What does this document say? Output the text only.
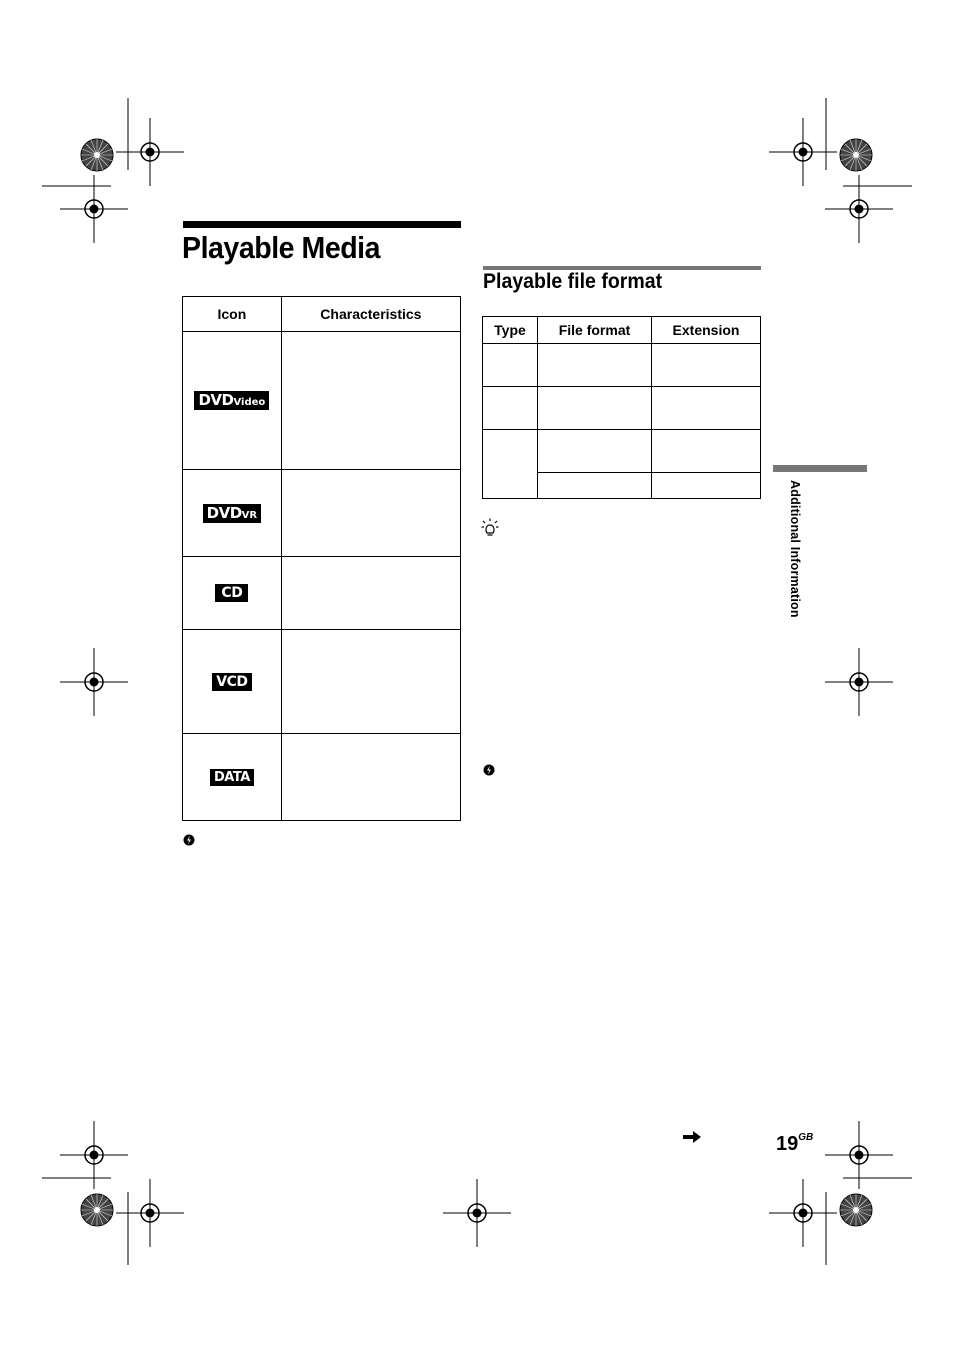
Playable Media
Icon	Characteristics
DVDVideo	
DVDVR	
CD	
VCD	
DATA	
Playable file format
Type	File format	Extension

Additional Information
$19^{GB}$
